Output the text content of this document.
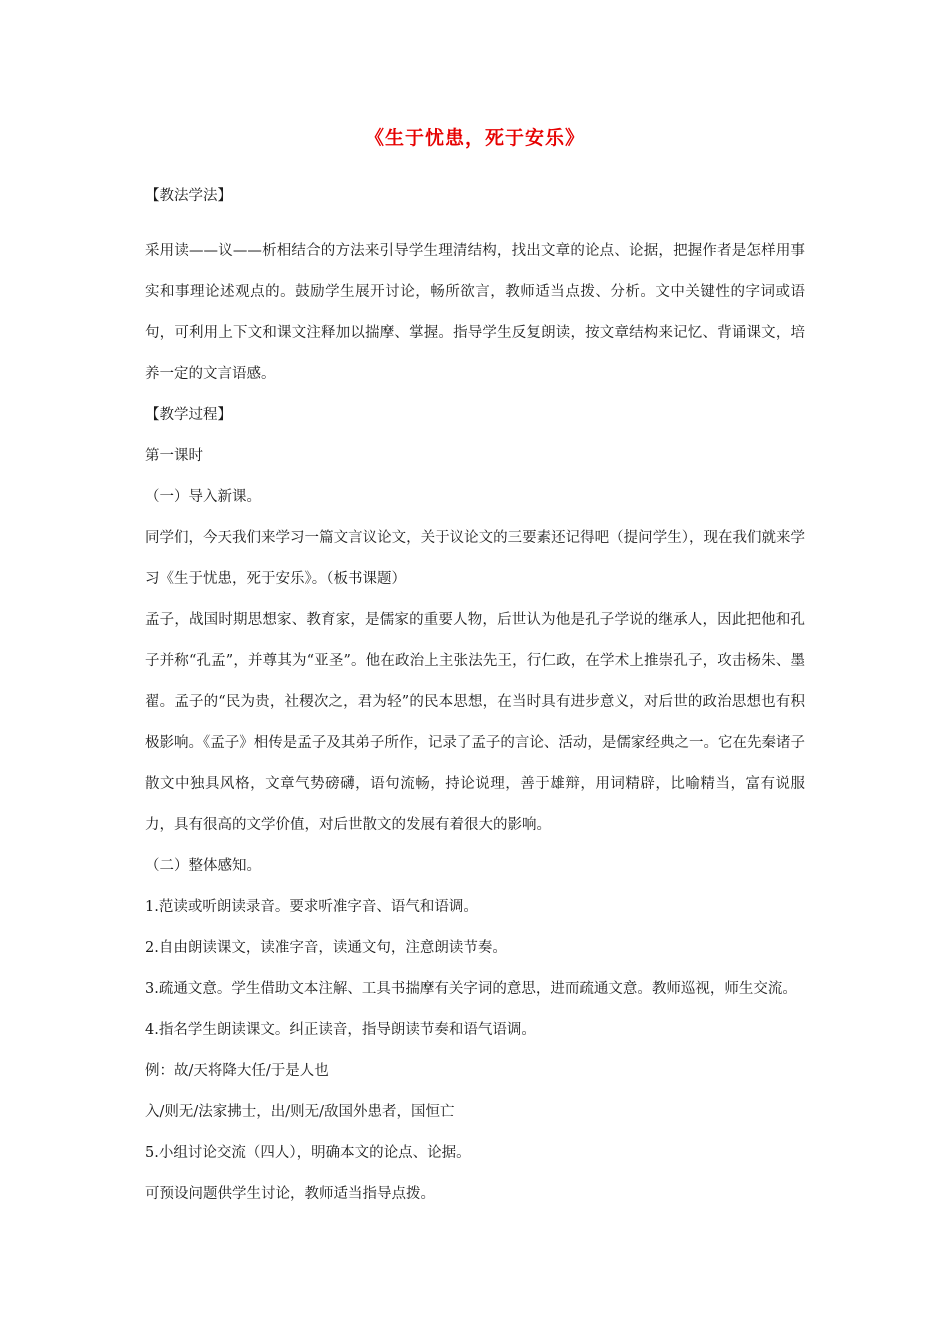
《生于忧患，死于安乐》
【教法学法】

采用读——议——析相结合的方法来引导学生理清结构，找出文章的论点、论据，把握作者是怎样用事实和事理论述观点的。鼓励学生展开讨论，畅所欲言，教师适当点拨、分析。文中关键性的字词或语句，可利用上下文和课文注释加以揣摩、掌握。指导学生反复朗读，按文章结构来记忆、背诵课文，培养一定的文言语感。

【教学过程】
第一课时
（一）导入新课。

同学们，今天我们来学习一篇文言议论文，关于议论文的三要素还记得吧（提问学生），现在我们就来学习《生于忧患，死于安乐》。（板书课题）

孟子，战国时期思想家、教育家，是儒家的重要人物，后世认为他是孔子学说的继承人，因此把他和孔子并称“孔孟”，并尊其为“亚圣”。他在政治上主张法先王，行仁政，在学术上推崇孔子，攻击杨朱、墨翟。孟子的“民为贵，社稷次之，君为轻”的民本思想，在当时具有进步意义，对后世的政治思想也有积极影响。《孟子》相传是孟子及其弟子所作，记录了孟子的言论、活动，是儒家经典之一。它在先秦诸子散文中独具风格，文章气势磅礴，语句流畅，持论说理，善于雄辩，用词精辟，比喻精当，富有说服力，具有很高的文学价值，对后世散文的发展有着很大的影响。

（二）整体感知。
1.范读或听朗读录音。要求听准字音、语气和语调。
2.自由朗读课文，读准字音，读通文句，注意朗读节奏。

3.疏通文意。学生借助文本注解、工具书揣摩有关字词的意思，进而疏通文意。教师巡视，师生交流。

4.指名学生朗读课文。纠正读音，指导朗读节奏和语气语调。
例：故/天将降大任/于是人也
入/则无/法家拂士，出/则无/敌国外患者，国恒亡
5.小组讨论交流（四人），明确本文的论点、论据。
可预设问题供学生讨论，教师适当指导点拨。
